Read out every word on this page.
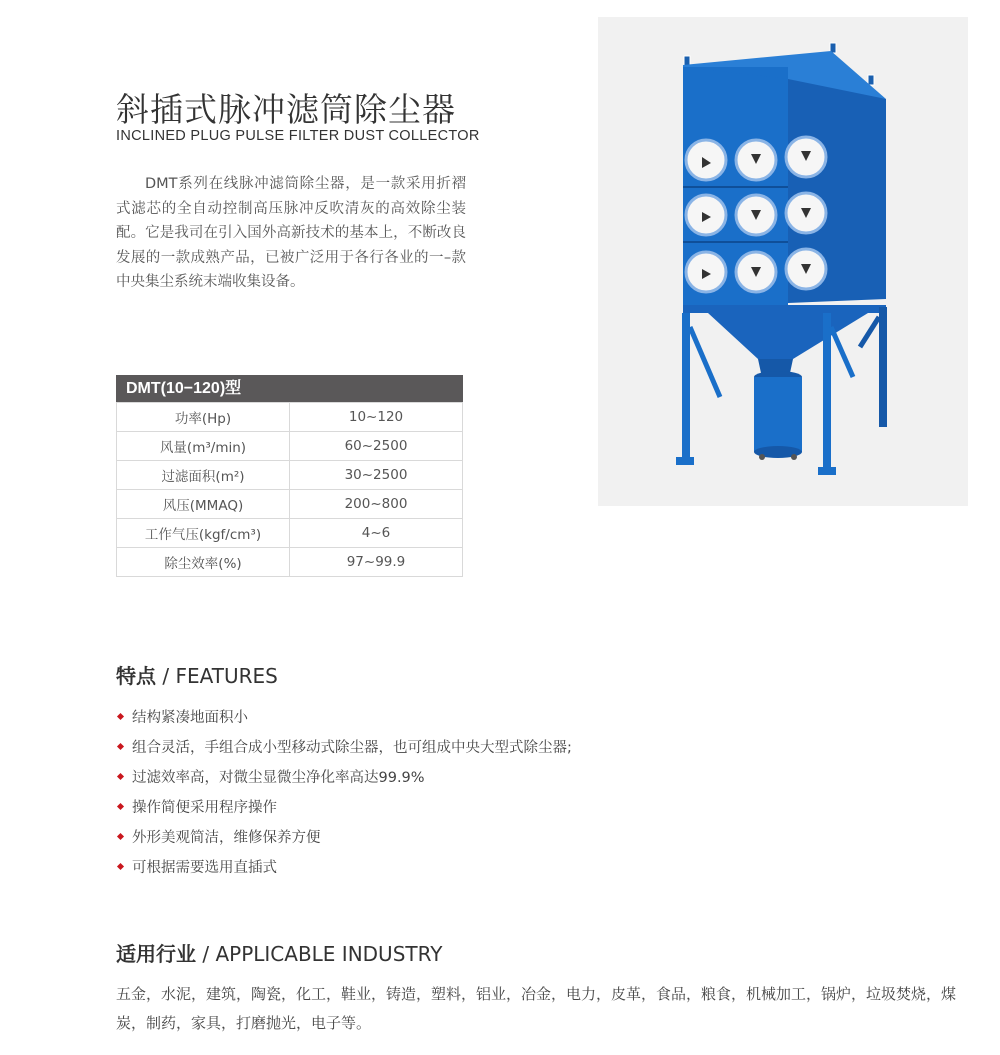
斜插式脉冲滤筒除尘器
INCLINED PLUG PULSE FILTER DUST COLLECTOR

DMT系列在线脉冲滤筒除尘器，是一款采用折褶式滤芯的全自动控制高压脉冲反吹清灰的高效除尘装配。它是我司在引入国外高新技术的基本上，不断改良发展的一款成熟产品，已被广泛用于各行各业的一–款中央集尘系统末端收集设备。

DMT(10−120)型
功率(Hp)	10~120
风量(m³/min)	60~2500
过滤面积(m²)	30~2500
风压(MMAQ)	200~800
工作气压(kgf/cm³)	4~6
除尘效率(%)	97~99.9
特点 / FEATURES
结构紧凑地面积小
组合灵活，手组合成小型移动式除尘器，也可组成中央大型式除尘器;
过滤效率高，对微尘显微尘净化率高达99.9%
操作简便采用程序操作
外形美观简洁，维修保养方便
可根据需要选用直插式
适用行业 / APPLICABLE INDUSTRY

五金，水泥，建筑，陶瓷，化工，鞋业，铸造，塑料，铝业，冶金，电力，皮革，食品，粮食，机械加工，锅炉，垃圾焚烧，煤炭，制药，家具，打磨抛光，电子等。
